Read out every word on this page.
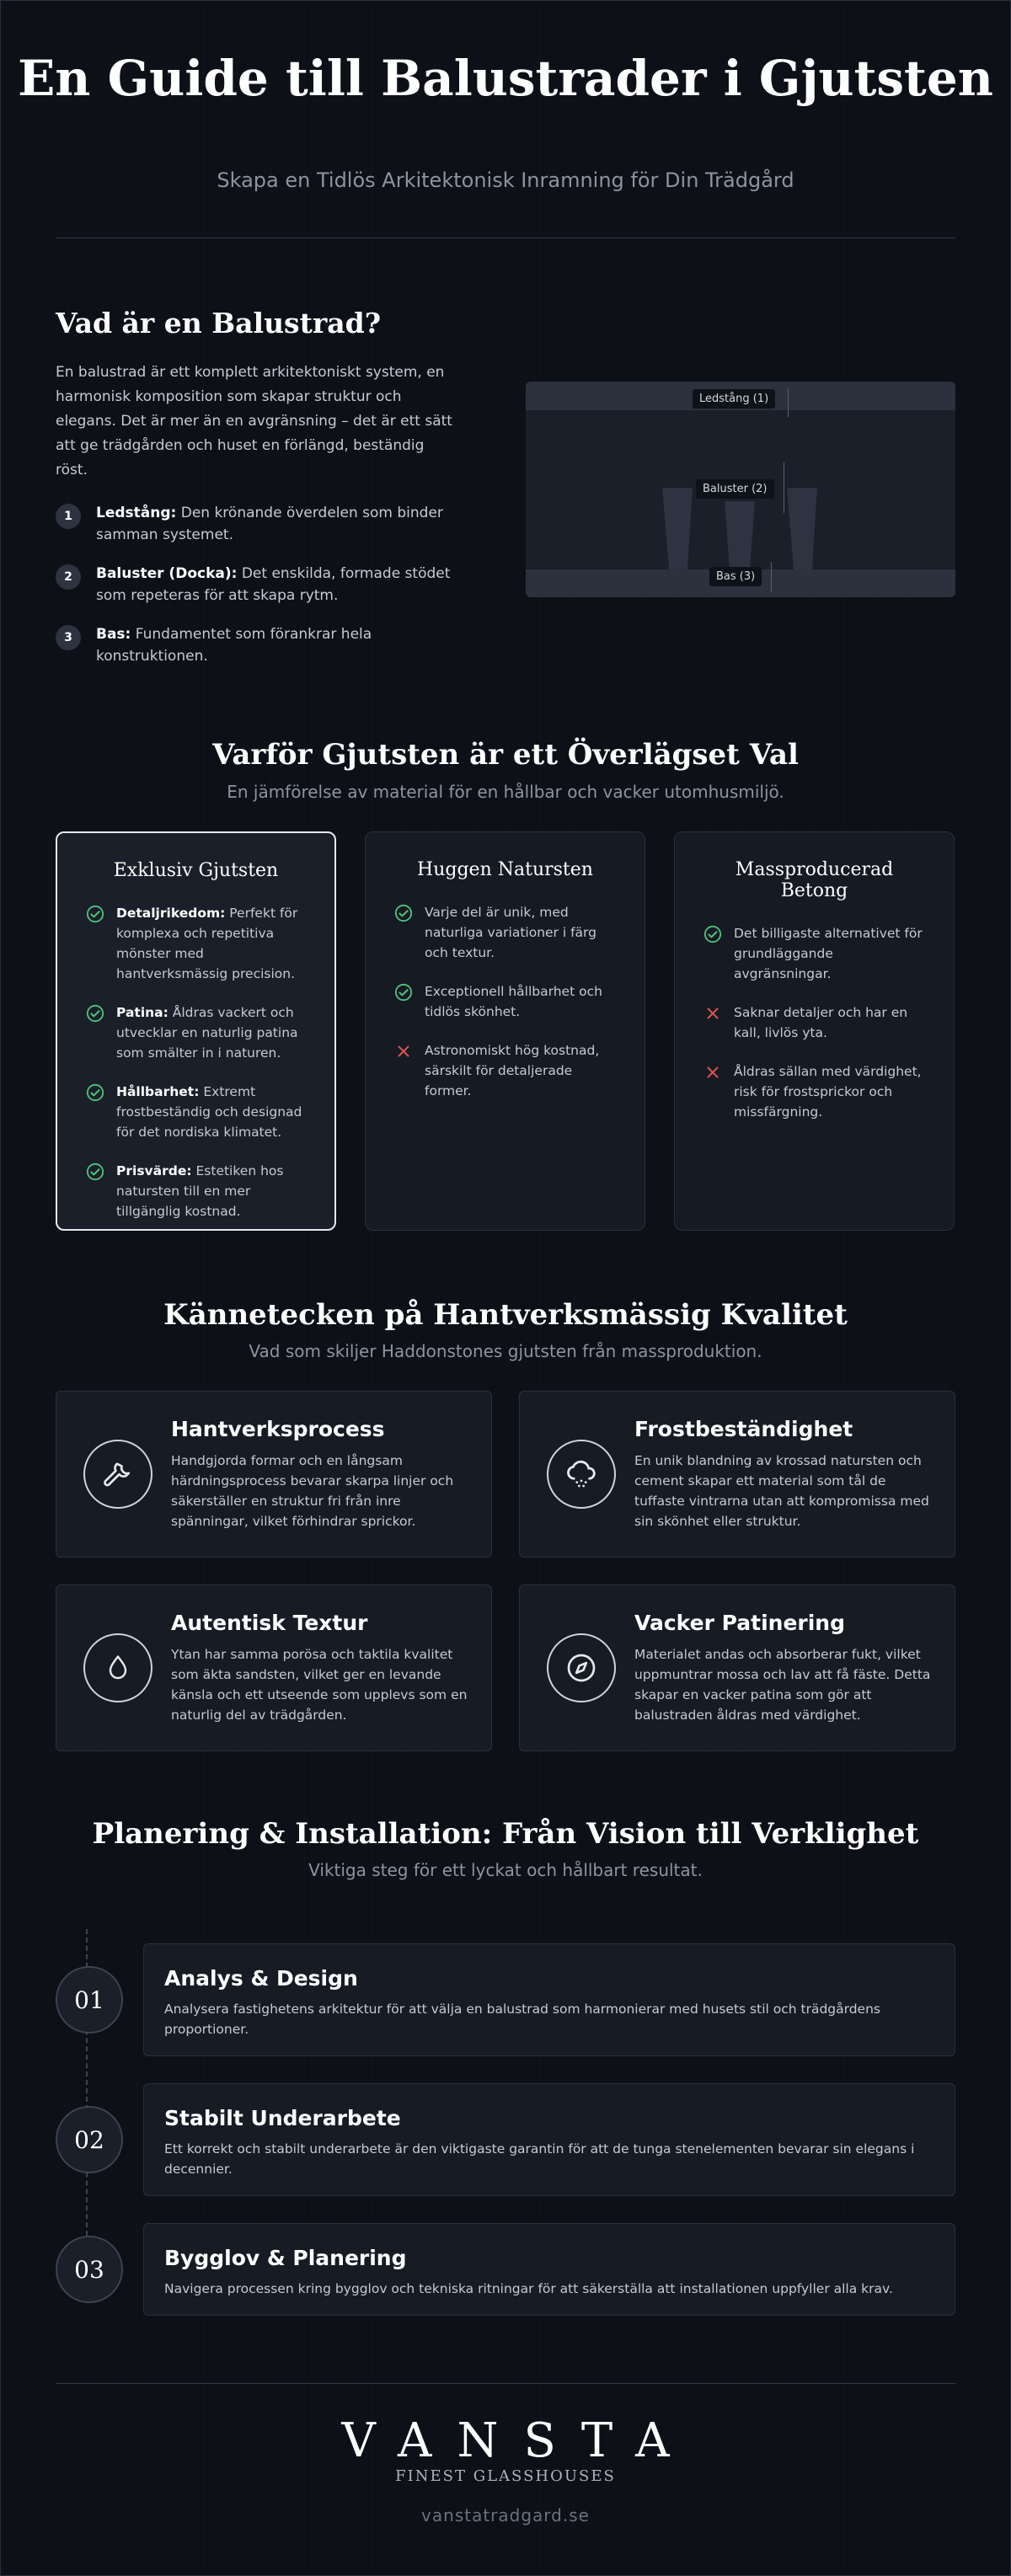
En Guide till Balustrader i Gjutsten
Skapa en Tidlös Arkitektonisk Inramning för Din Trädgård
Vad är en Balustrad?

En balustrad är ett komplett arkitektoniskt system, en harmonisk komposition som skapar struktur och elegans. Det är mer än en avgränsning – det är ett sätt att ge trädgården och huset en förlängd, beständig röst.

1	Ledstång: Den krönande överdelen som binder samman systemet.
2	Baluster (Docka): Det enskilda, formade stödet som repeteras för att skapa rytm.
3	Bas: Fundamentet som förankrar hela konstruktionen.
Ledstång (1)
Baluster (2)
Bas (3)
Varför Gjutsten är ett Överlägset Val
En jämförelse av material för en hållbar och vacker utomhusmiljö.
Exklusiv Gjutsten
Detaljrikedom: Perfekt för komplexa och repetitiva mönster med hantverksmässig precision.
Patina: Åldras vackert och utvecklar en naturlig patina som smälter in i naturen.
Hållbarhet: Extremt frostbeständig och designad för det nordiska klimatet.
Prisvärde: Estetiken hos natursten till en mer tillgänglig kostnad.
Huggen Natursten
Varje del är unik, med naturliga variationer i färg och textur.
Exceptionell hållbarhet och tidlös skönhet.
Astronomiskt hög kostnad, särskilt för detaljerade former.
Massproducerad Betong
Det billigaste alternativet för grundläggande avgränsningar.
Saknar detaljer och har en kall, livlös yta.
Åldras sällan med värdighet, risk för frostsprickor och missfärgning.
Kännetecken på Hantverksmässig Kvalitet
Vad som skiljer Haddonstones gjutsten från massproduktion.
Hantverksprocess

Handgjorda formar och en långsam härdningsprocess bevarar skarpa linjer och säkerställer en struktur fri från inre spänningar, vilket förhindrar sprickor.

Frostbeständighet

En unik blandning av krossad natursten och cement skapar ett material som tål de tuffaste vintrarna utan att kompromissa med sin skönhet eller struktur.

Autentisk Textur

Ytan har samma porösa och taktila kvalitet som äkta sandsten, vilket ger en levande känsla och ett utseende som upplevs som en naturlig del av trädgården.

Vacker Patinering

Materialet andas och absorberar fukt, vilket uppmuntrar mossa och lav att få fäste. Detta skapar en vacker patina som gör att balustraden åldras med värdighet.

Planering & Installation: Från Vision till Verklighet
Viktiga steg för ett lyckat och hållbart resultat.
01
Analys & Design

Analysera fastighetens arkitektur för att välja en balustrad som harmonierar med husets stil och trädgårdens proportioner.

02
Stabilt Underarbete

Ett korrekt och stabilt underarbete är den viktigaste garantin för att de tunga stenelementen bevarar sin elegans i decennier.

03	Bygglov & Planering

Navigera processen kring bygglov och tekniska ritningar för att säkerställa att installationen uppfyller alla krav.

VANSTA
FINEST GLASSHOUSES
vanstatradgard.se
